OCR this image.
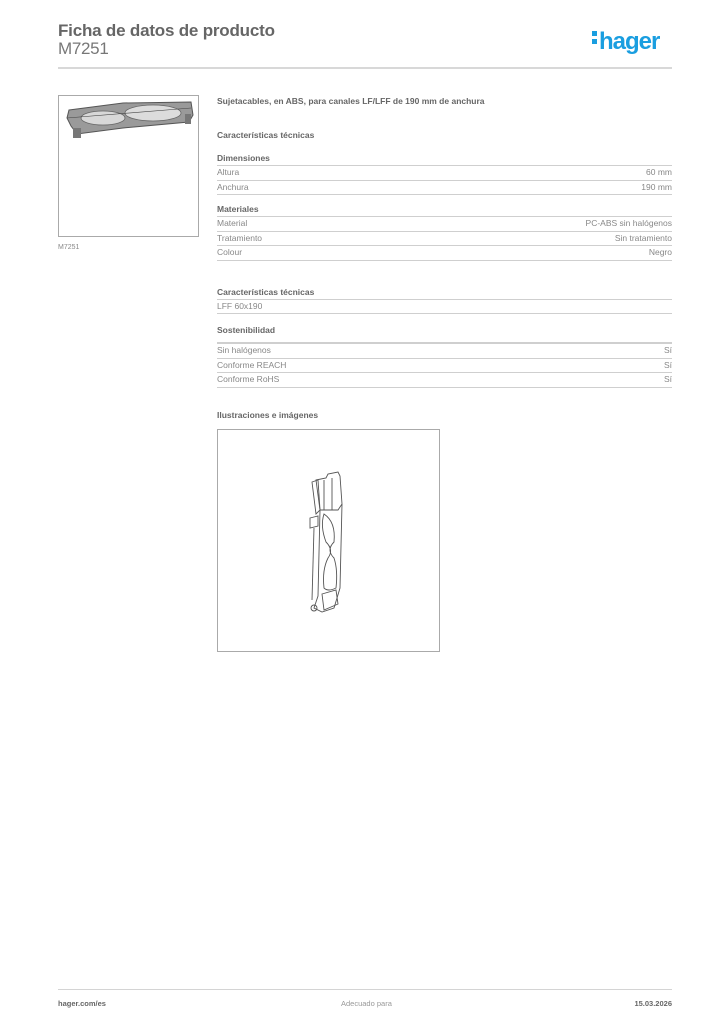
Ficha de datos de producto
M7251	hager
M7251
Sujetacables, en ABS, para canales LF/LFF de 190 mm de anchura
Características técnicas
Dimensiones
Altura	60 mm
Anchura	190 mm
Materiales
Material	PC-ABS sin halógenos
Tratamiento	Sin tratamiento
Colour	Negro
Características técnicas
LFF 60x190
Sostenibilidad
Sin halógenos	Sí
Conforme REACH	Sí
Conforme RoHS	Sí
Ilustraciones e imágenes
hager.com/es	Adecuado para	15.03.2026
